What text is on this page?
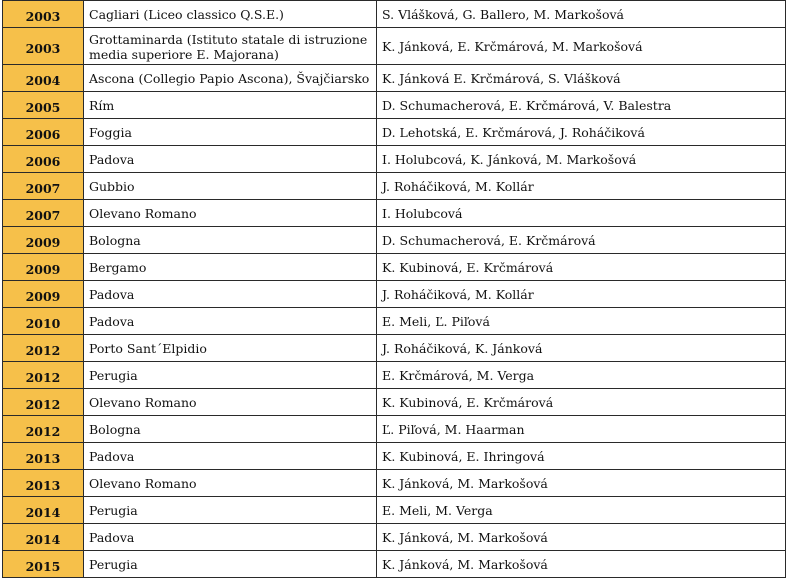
2003	Cagliari (Liceo classico Q.S.E.)	S. Vlášková, G. Ballero, M. Markošová
2003	Grottaminarda (Istituto statale di istruzione media superiore E. Majorana)	K. Jánková, E. Krčmárová, M. Markošová
2004	Ascona (Collegio Papio Ascona), Švajčiarsko	K. Jánková E. Krčmárová, S. Vlášková
2005	Rím	D. Schumacherová, E. Krčmárová, V. Balestra
2006	Foggia	D. Lehotská, E. Krčmárová, J. Roháčiková
2006	Padova	I. Holubcová, K. Jánková, M. Markošová
2007	Gubbio	J. Roháčiková, M. Kollár
2007	Olevano Romano	I. Holubcová
2009	Bologna	D. Schumacherová, E. Krčmárová
2009	Bergamo	K. Kubinová, E. Krčmárová
2009	Padova	J. Roháčiková, M. Kollár
2010	Padova	E. Meli, Ľ. Piľová
2012	Porto Sant´Elpidio	J. Roháčiková, K. Jánková
2012	Perugia	E. Krčmárová, M. Verga
2012	Olevano Romano	K. Kubinová, E. Krčmárová
2012	Bologna	Ľ. Piľová, M. Haarman
2013	Padova	K. Kubinová, E. Ihringová
2013	Olevano Romano	K. Jánková, M. Markošová
2014	Perugia	E. Meli, M. Verga
2014	Padova	K. Jánková, M. Markošová
2015	Perugia	K. Jánková, M. Markošová
